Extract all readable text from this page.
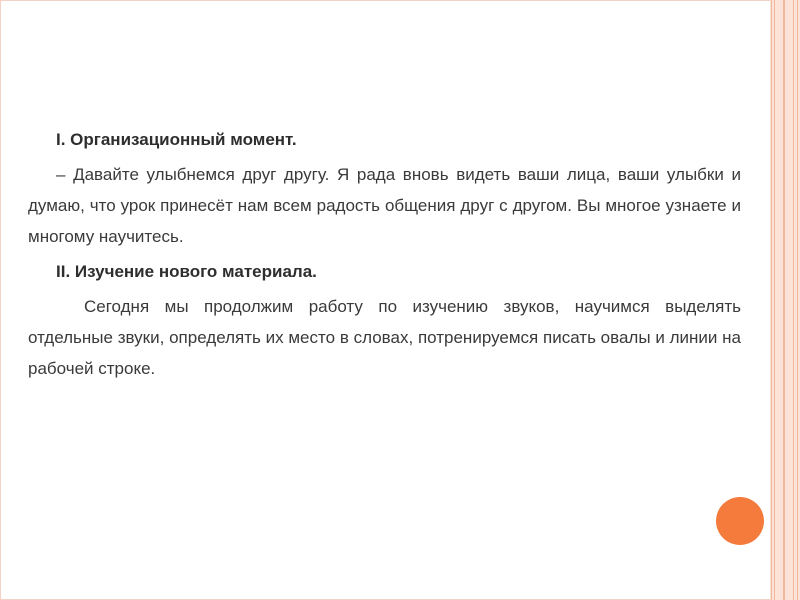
I. Организационный момент.

– Давайте улыбнемся друг другу. Я рада вновь видеть ваши лица, ваши улыбки и думаю, что урок принесёт нам всем радость общения друг с другом. Вы многое узнаете и многому научитесь.

II. Изучение нового материала.

Сегодня мы продолжим работу по изучению звуков, научимся выделять отдельные звуки, определять их место в словах, потренируемся писать овалы и линии на рабочей строке.
